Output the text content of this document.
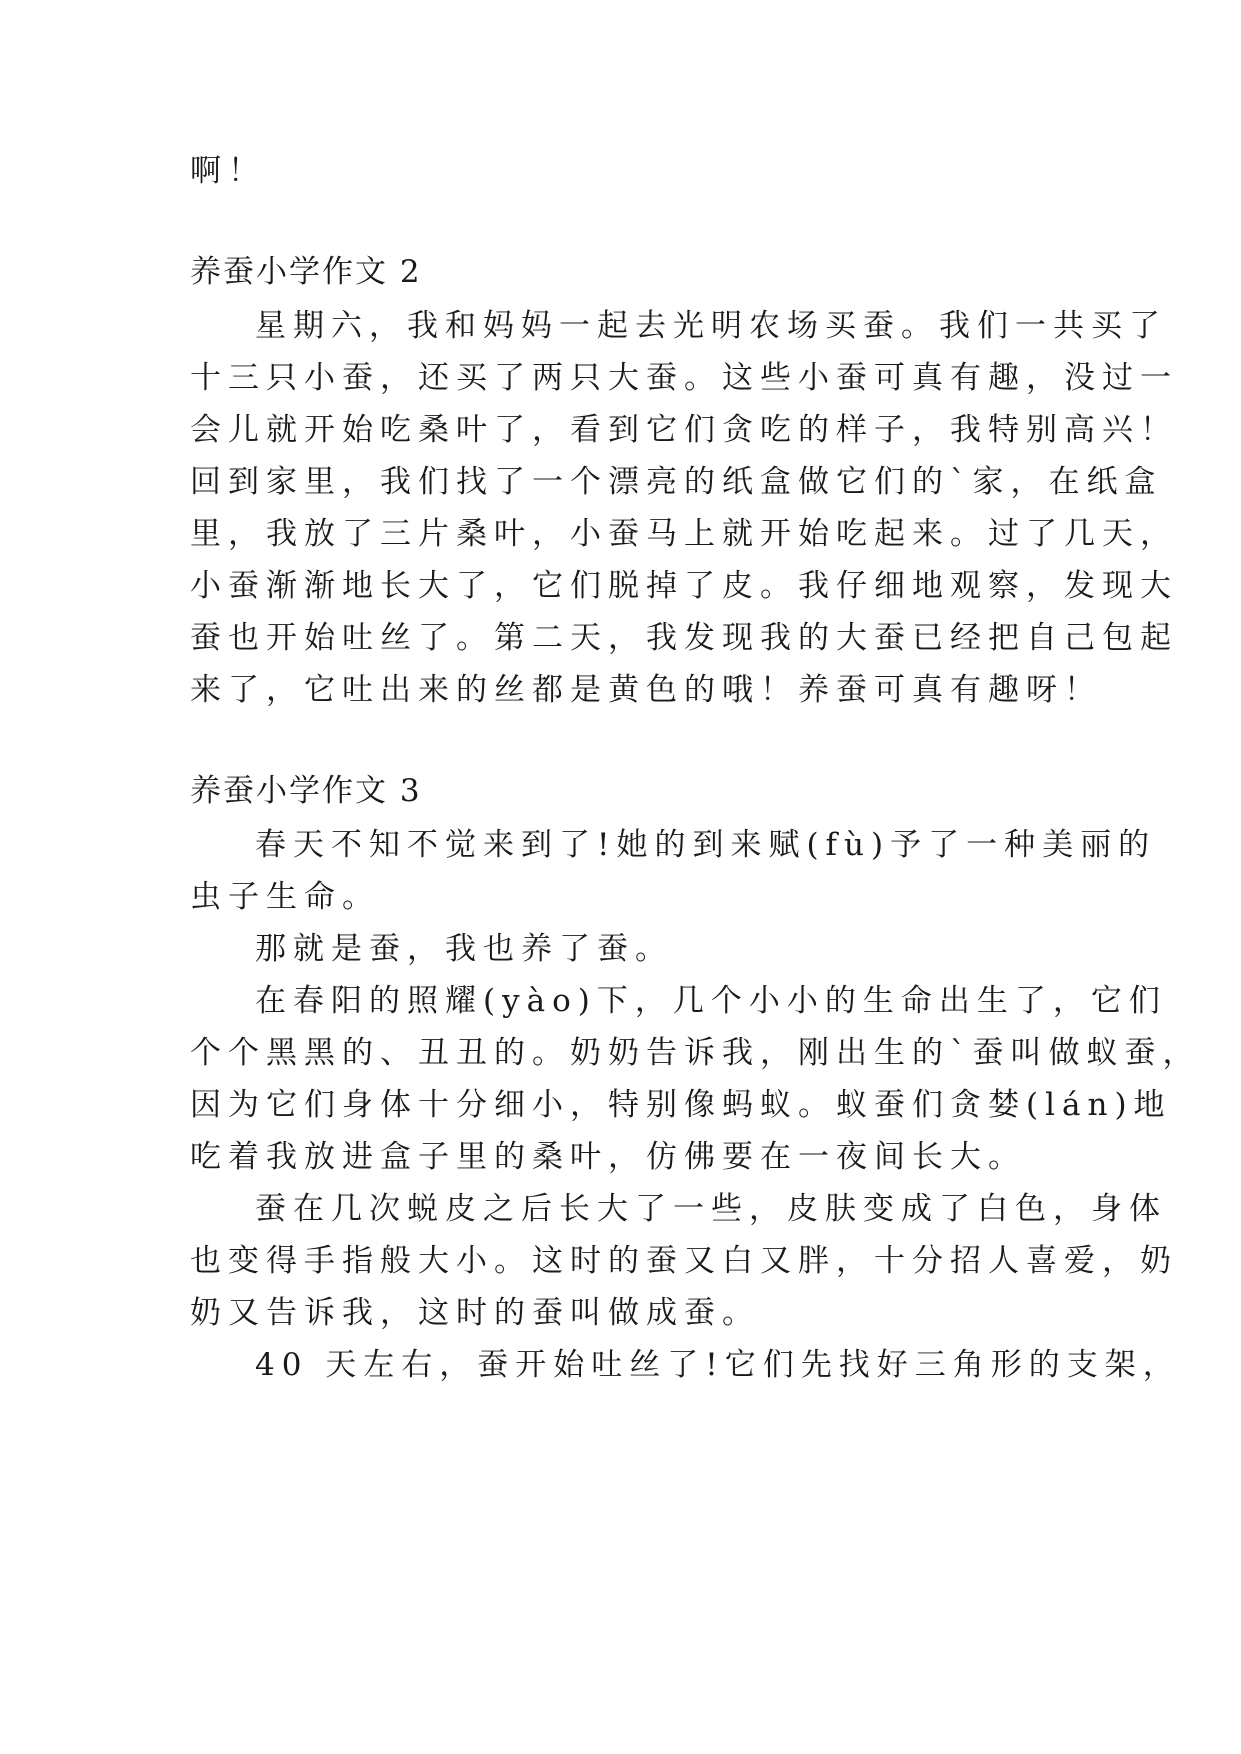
啊！
养蚕小学作文 2
星期六，我和妈妈一起去光明农场买蚕。我们一共买了
十三只小蚕，还买了两只大蚕。这些小蚕可真有趣，没过一
会儿就开始吃桑叶了，看到它们贪吃的样子，我特别高兴！
回到家里，我们找了一个漂亮的纸盒做它们的`家，在纸盒
里，我放了三片桑叶，小蚕马上就开始吃起来。过了几天，
小蚕渐渐地长大了，它们脱掉了皮。我仔细地观察，发现大
蚕也开始吐丝了。第二天，我发现我的大蚕已经把自己包起
来了，它吐出来的丝都是黄色的哦！养蚕可真有趣呀！
养蚕小学作文 3
春天不知不觉来到了!她的到来赋(fù)予了一种美丽的
虫子生命。
那就是蚕，我也养了蚕。
在春阳的照耀(yào)下，几个小小的生命出生了，它们
个个黑黑的、丑丑的。奶奶告诉我，刚出生的`蚕叫做蚁蚕，
因为它们身体十分细小，特别像蚂蚁。蚁蚕们贪婪(lán)地
吃着我放进盒子里的桑叶，仿佛要在一夜间长大。
蚕在几次蜕皮之后长大了一些，皮肤变成了白色，身体
也变得手指般大小。这时的蚕又白又胖，十分招人喜爱，奶
奶又告诉我，这时的蚕叫做成蚕。
40 天左右，蚕开始吐丝了!它们先找好三角形的支架，
